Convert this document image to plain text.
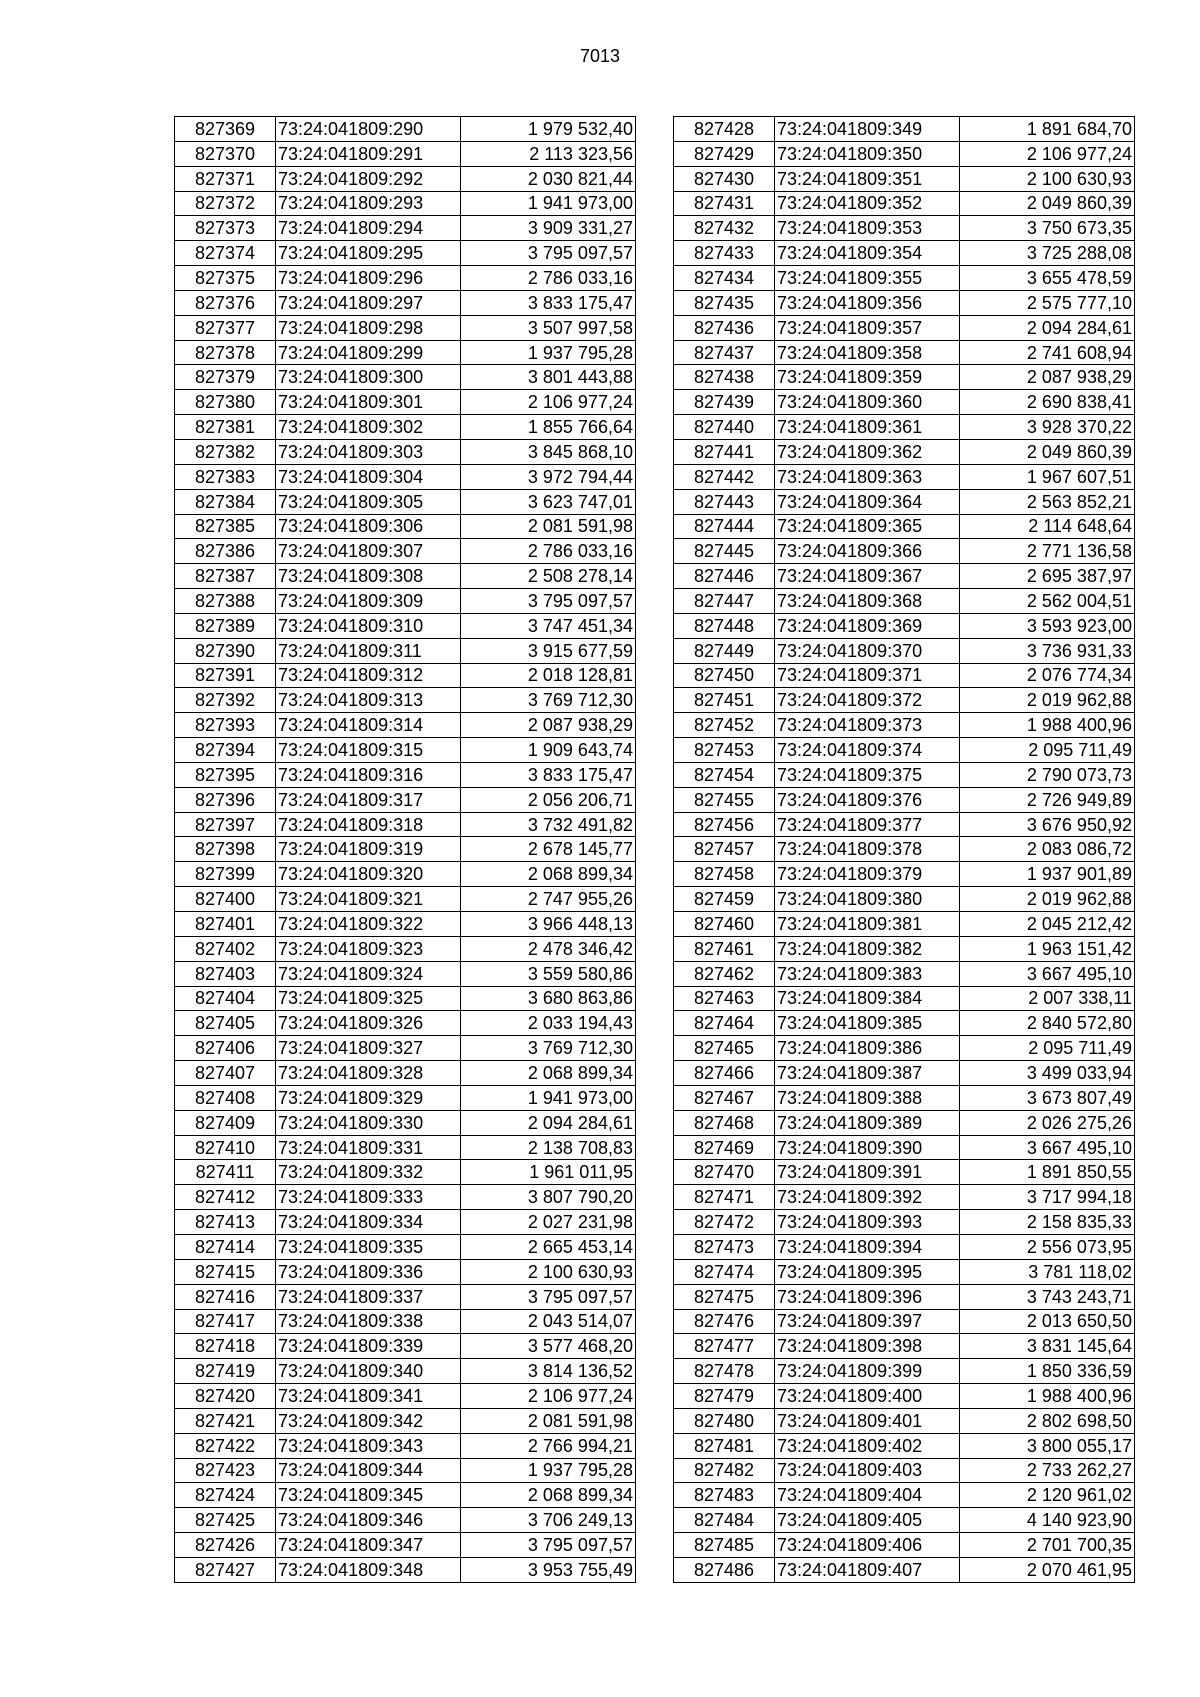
7013
827369	73:24:041809:290	1 979 532,40
827370	73:24:041809:291	2 113 323,56
827371	73:24:041809:292	2 030 821,44
827372	73:24:041809:293	1 941 973,00
827373	73:24:041809:294	3 909 331,27
827374	73:24:041809:295	3 795 097,57
827375	73:24:041809:296	2 786 033,16
827376	73:24:041809:297	3 833 175,47
827377	73:24:041809:298	3 507 997,58
827378	73:24:041809:299	1 937 795,28
827379	73:24:041809:300	3 801 443,88
827380	73:24:041809:301	2 106 977,24
827381	73:24:041809:302	1 855 766,64
827382	73:24:041809:303	3 845 868,10
827383	73:24:041809:304	3 972 794,44
827384	73:24:041809:305	3 623 747,01
827385	73:24:041809:306	2 081 591,98
827386	73:24:041809:307	2 786 033,16
827387	73:24:041809:308	2 508 278,14
827388	73:24:041809:309	3 795 097,57
827389	73:24:041809:310	3 747 451,34
827390	73:24:041809:311	3 915 677,59
827391	73:24:041809:312	2 018 128,81
827392	73:24:041809:313	3 769 712,30
827393	73:24:041809:314	2 087 938,29
827394	73:24:041809:315	1 909 643,74
827395	73:24:041809:316	3 833 175,47
827396	73:24:041809:317	2 056 206,71
827397	73:24:041809:318	3 732 491,82
827398	73:24:041809:319	2 678 145,77
827399	73:24:041809:320	2 068 899,34
827400	73:24:041809:321	2 747 955,26
827401	73:24:041809:322	3 966 448,13
827402	73:24:041809:323	2 478 346,42
827403	73:24:041809:324	3 559 580,86
827404	73:24:041809:325	3 680 863,86
827405	73:24:041809:326	2 033 194,43
827406	73:24:041809:327	3 769 712,30
827407	73:24:041809:328	2 068 899,34
827408	73:24:041809:329	1 941 973,00
827409	73:24:041809:330	2 094 284,61
827410	73:24:041809:331	2 138 708,83
827411	73:24:041809:332	1 961 011,95
827412	73:24:041809:333	3 807 790,20
827413	73:24:041809:334	2 027 231,98
827414	73:24:041809:335	2 665 453,14
827415	73:24:041809:336	2 100 630,93
827416	73:24:041809:337	3 795 097,57
827417	73:24:041809:338	2 043 514,07
827418	73:24:041809:339	3 577 468,20
827419	73:24:041809:340	3 814 136,52
827420	73:24:041809:341	2 106 977,24
827421	73:24:041809:342	2 081 591,98
827422	73:24:041809:343	2 766 994,21
827423	73:24:041809:344	1 937 795,28
827424	73:24:041809:345	2 068 899,34
827425	73:24:041809:346	3 706 249,13
827426	73:24:041809:347	3 795 097,57
827427	73:24:041809:348	3 953 755,49
827428	73:24:041809:349	1 891 684,70
827429	73:24:041809:350	2 106 977,24
827430	73:24:041809:351	2 100 630,93
827431	73:24:041809:352	2 049 860,39
827432	73:24:041809:353	3 750 673,35
827433	73:24:041809:354	3 725 288,08
827434	73:24:041809:355	3 655 478,59
827435	73:24:041809:356	2 575 777,10
827436	73:24:041809:357	2 094 284,61
827437	73:24:041809:358	2 741 608,94
827438	73:24:041809:359	2 087 938,29
827439	73:24:041809:360	2 690 838,41
827440	73:24:041809:361	3 928 370,22
827441	73:24:041809:362	2 049 860,39
827442	73:24:041809:363	1 967 607,51
827443	73:24:041809:364	2 563 852,21
827444	73:24:041809:365	2 114 648,64
827445	73:24:041809:366	2 771 136,58
827446	73:24:041809:367	2 695 387,97
827447	73:24:041809:368	2 562 004,51
827448	73:24:041809:369	3 593 923,00
827449	73:24:041809:370	3 736 931,33
827450	73:24:041809:371	2 076 774,34
827451	73:24:041809:372	2 019 962,88
827452	73:24:041809:373	1 988 400,96
827453	73:24:041809:374	2 095 711,49
827454	73:24:041809:375	2 790 073,73
827455	73:24:041809:376	2 726 949,89
827456	73:24:041809:377	3 676 950,92
827457	73:24:041809:378	2 083 086,72
827458	73:24:041809:379	1 937 901,89
827459	73:24:041809:380	2 019 962,88
827460	73:24:041809:381	2 045 212,42
827461	73:24:041809:382	1 963 151,42
827462	73:24:041809:383	3 667 495,10
827463	73:24:041809:384	2 007 338,11
827464	73:24:041809:385	2 840 572,80
827465	73:24:041809:386	2 095 711,49
827466	73:24:041809:387	3 499 033,94
827467	73:24:041809:388	3 673 807,49
827468	73:24:041809:389	2 026 275,26
827469	73:24:041809:390	3 667 495,10
827470	73:24:041809:391	1 891 850,55
827471	73:24:041809:392	3 717 994,18
827472	73:24:041809:393	2 158 835,33
827473	73:24:041809:394	2 556 073,95
827474	73:24:041809:395	3 781 118,02
827475	73:24:041809:396	3 743 243,71
827476	73:24:041809:397	2 013 650,50
827477	73:24:041809:398	3 831 145,64
827478	73:24:041809:399	1 850 336,59
827479	73:24:041809:400	1 988 400,96
827480	73:24:041809:401	2 802 698,50
827481	73:24:041809:402	3 800 055,17
827482	73:24:041809:403	2 733 262,27
827483	73:24:041809:404	2 120 961,02
827484	73:24:041809:405	4 140 923,90
827485	73:24:041809:406	2 701 700,35
827486	73:24:041809:407	2 070 461,95
